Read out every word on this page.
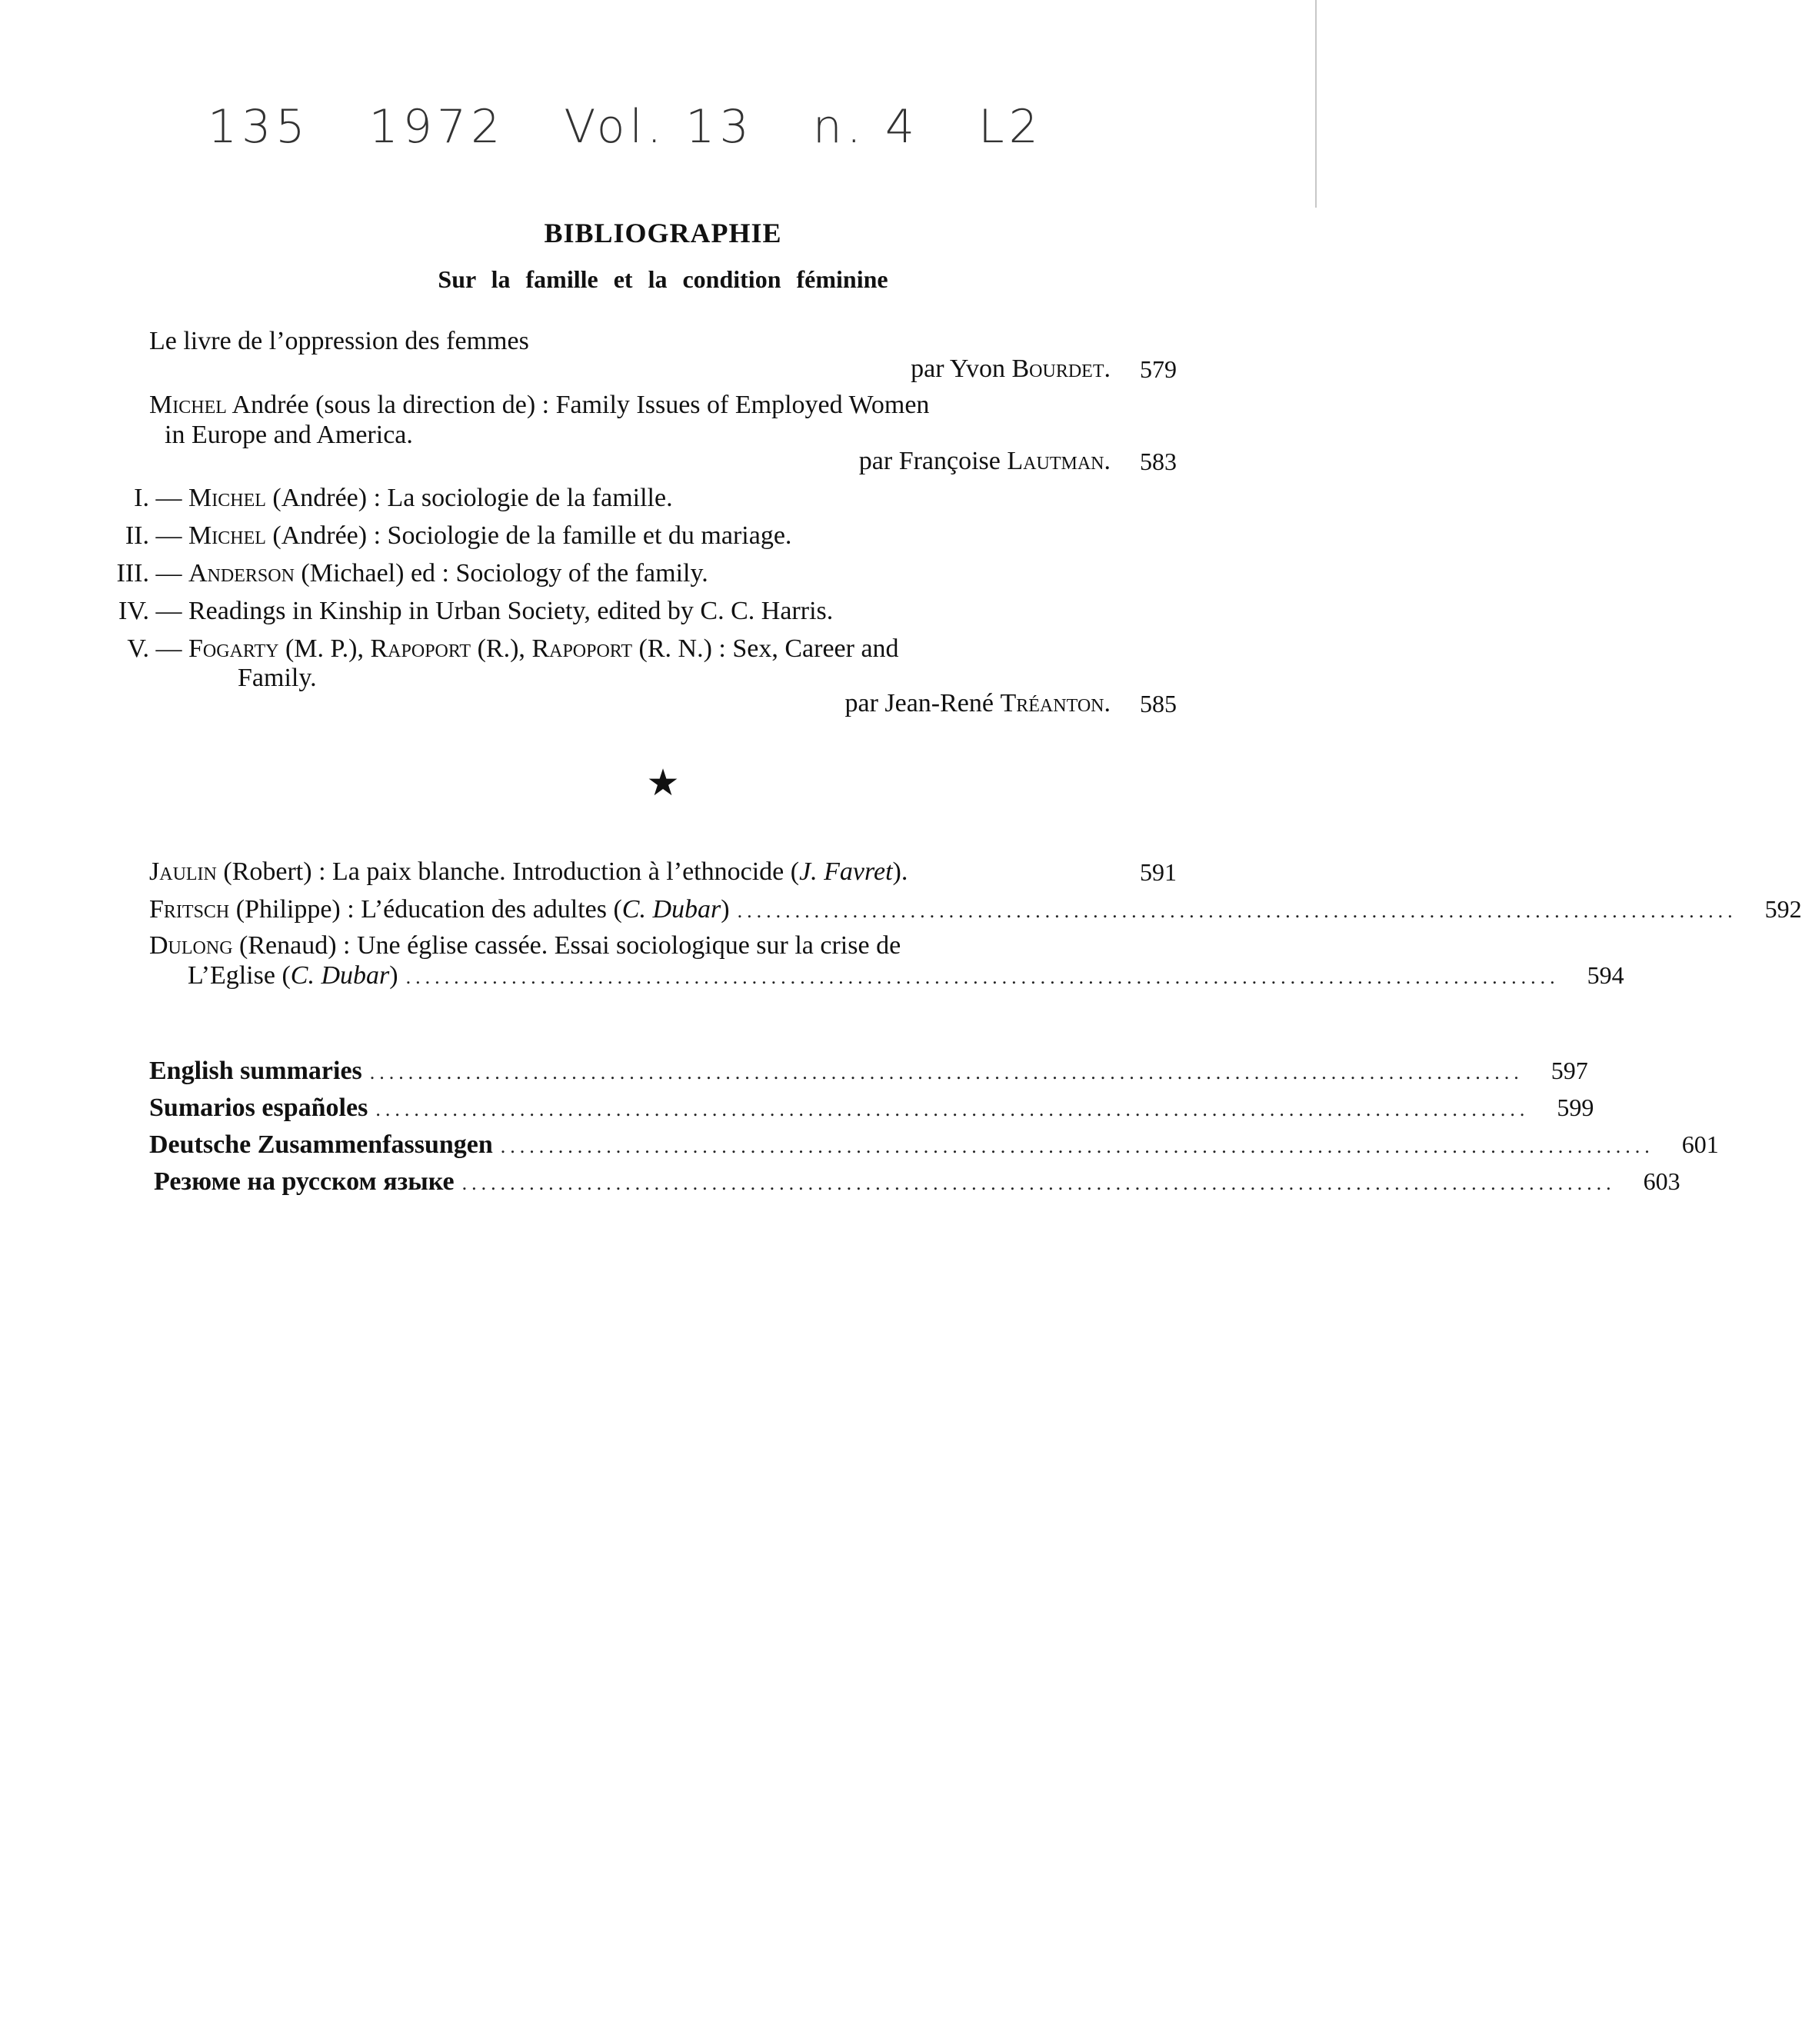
135 1972 Vol. 13 n. 4 L2
BIBLIOGRAPHIE
Sur la famille et la condition féminine
Le livre de l’oppression des femmes
par Yvon Bourdet.	579
Michel Andrée (sous la direction de) : Family Issues of Employed Women
in Europe and America.
par Françoise Lautman.	583
I. — Michel (Andrée) : La sociologie de la famille.
II. — Michel (Andrée) : Sociologie de la famille et du mariage.
III. — Anderson (Michael) ed : Sociology of the family.
IV. — Readings in Kinship in Urban Society, edited by C. C. Harris.
V. — Fogarty (M. P.), Rapoport (R.), Rapoport (R. N.) : Sex, Career and
Family.
par Jean-René Tréanton.	585
★
Jaulin (Robert) : La paix blanche. Introduction à l’ethnocide (J. Favret).	591
Fritsch (Philippe) : L’éducation des adultes (C. Dubar) ........................................................................................................	592
Dulong (Renaud) : Une église cassée. Essai sociologique sur la crise de
L’Eglise (C. Dubar) ........................................................................................................................	594
English summaries ........................................................................................................................	597
Sumarios españoles ........................................................................................................................	599
Deutsche Zusammenfassungen ........................................................................................................................	601
Резюме на русском языке ........................................................................................................................	603
